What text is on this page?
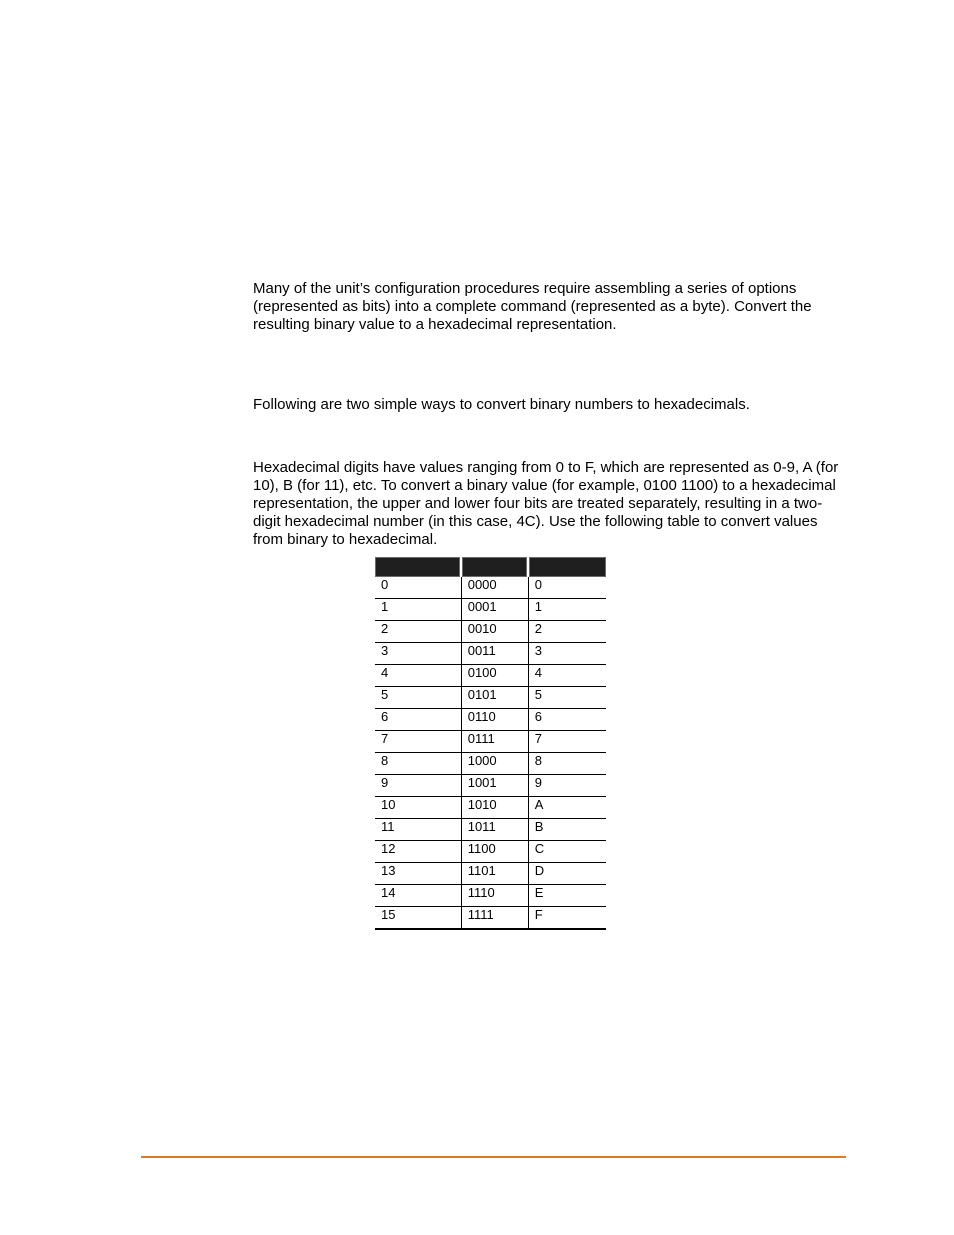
Many of the unit’s configuration procedures require assembling a series of options (represented as bits) into a complete command (represented as a byte). Convert the resulting binary value to a hexadecimal representation.

Following are two simple ways to convert binary numbers to hexadecimals.

Hexadecimal digits have values ranging from 0 to F, which are represented as 0-9, A (for 10), B (for 11), etc. To convert a binary value (for example, 0100 1100) to a hexadecimal representation, the upper and lower four bits are treated separately, resulting in a two-digit hexadecimal number (in this case, 4C). Use the following table to convert values from binary to hexadecimal.

0	0000	0
1	0001	1
2	0010	2
3	0011	3
4	0100	4
5	0101	5
6	0110	6
7	0111	7
8	1000	8
9	1001	9
10	1010	A
11	1011	B
12	1100	C
13	1101	D
14	1110	E
15	1111	F
